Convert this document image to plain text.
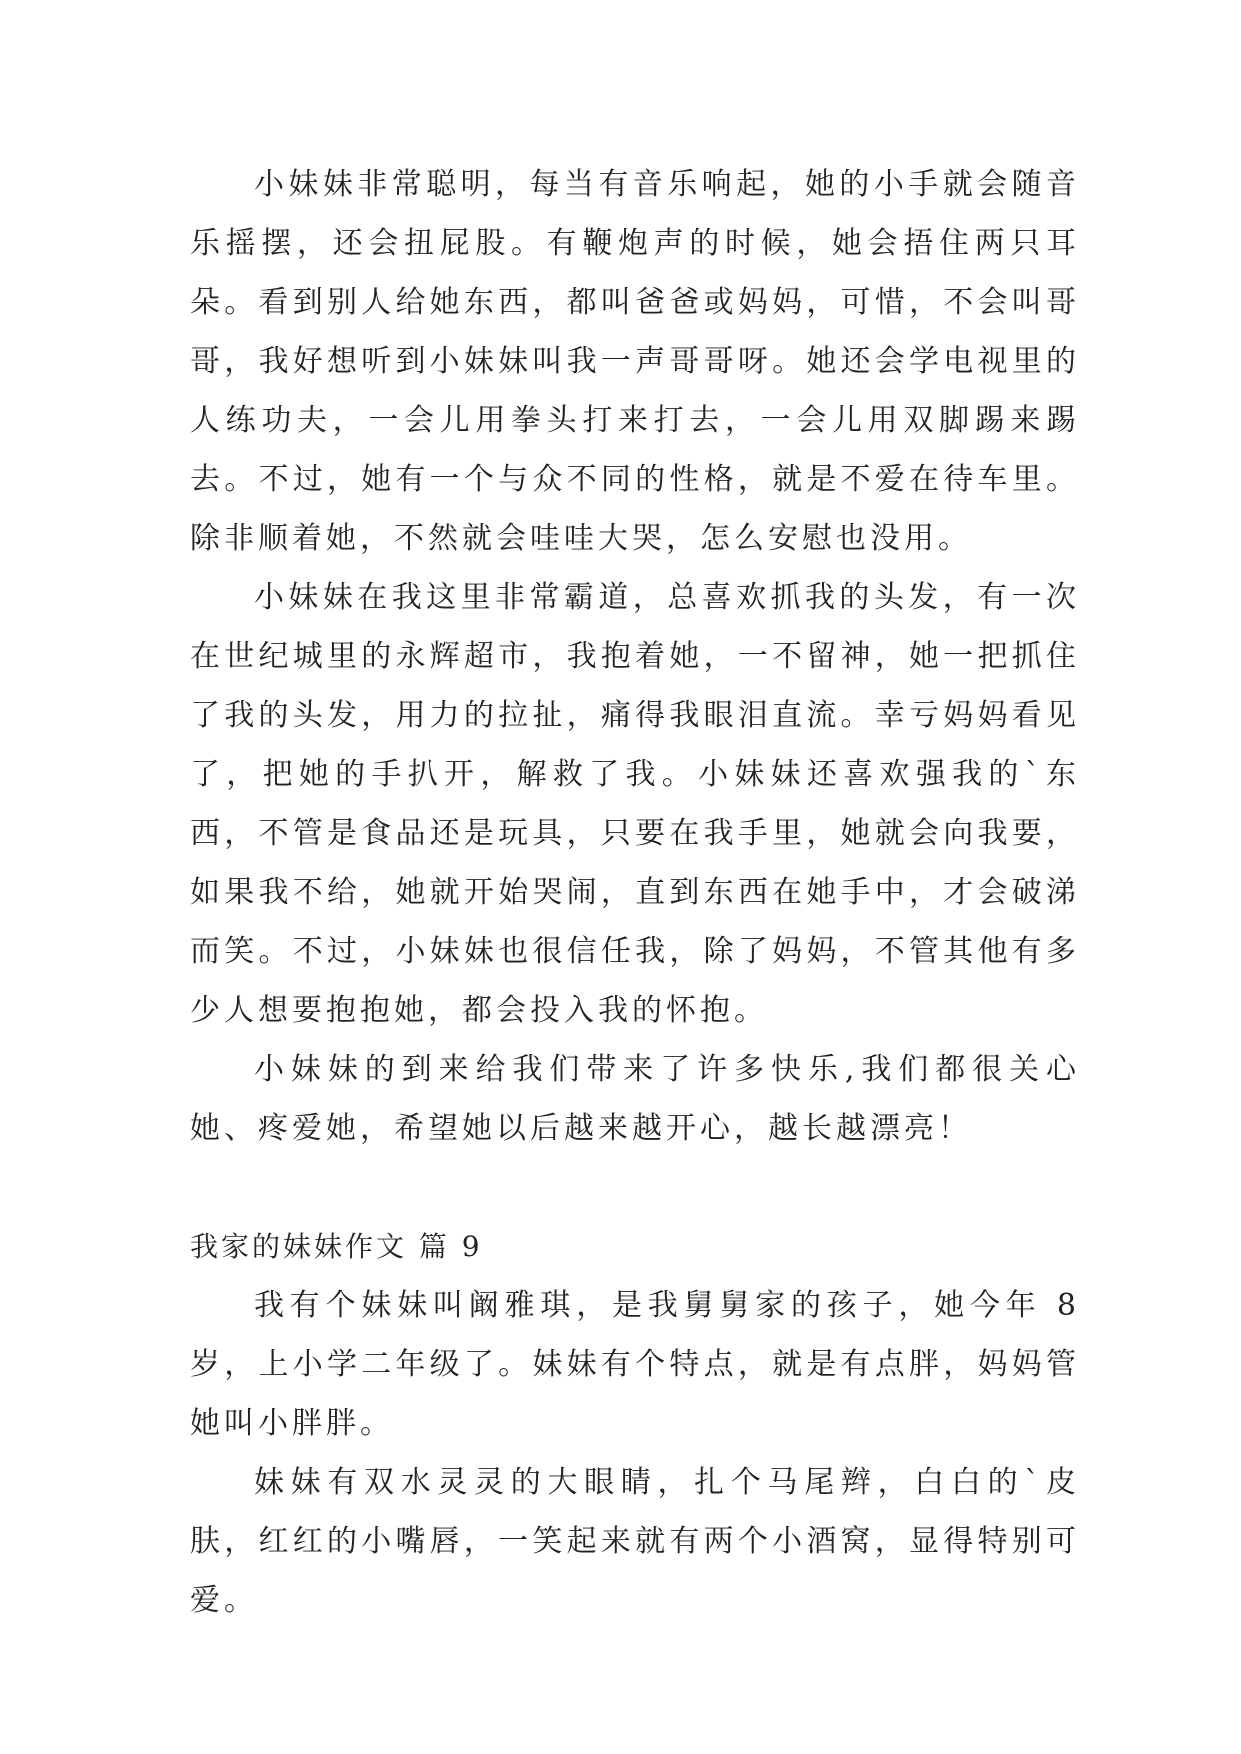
小妹妹非常聪明，每当有音乐响起，她的小手就会随音乐摇摆，还会扭屁股。有鞭炮声的时候，她会捂住两只耳朵。看到别人给她东西，都叫爸爸或妈妈，可惜，不会叫哥哥，我好想听到小妹妹叫我一声哥哥呀。她还会学电视里的人练功夫，一会儿用拳头打来打去，一会儿用双脚踢来踢去。不过，她有一个与众不同的性格，就是不爱在待车里。除非顺着她，不然就会哇哇大哭，怎么安慰也没用。

小妹妹在我这里非常霸道，总喜欢抓我的头发，有一次在世纪城里的永辉超市，我抱着她，一不留神，她一把抓住了我的头发，用力的拉扯，痛得我眼泪直流。幸亏妈妈看见了，把她的手扒开，解救了我。小妹妹还喜欢强我的`东西，不管是食品还是玩具，只要在我手里，她就会向我要，如果我不给，她就开始哭闹，直到东西在她手中，才会破涕而笑。不过，小妹妹也很信任我，除了妈妈，不管其他有多少人想要抱抱她，都会投入我的怀抱。

小妹妹的到来给我们带来了许多快乐,我们都很关心她、疼爱她，希望她以后越来越开心，越长越漂亮！

我家的妹妹作文 篇 9

我有个妹妹叫阚雅琪，是我舅舅家的孩子，她今年 8 岁，上小学二年级了。妹妹有个特点，就是有点胖，妈妈管她叫小胖胖。

妹妹有双水灵灵的大眼睛，扎个马尾辫，白白的`皮肤，红红的小嘴唇，一笑起来就有两个小酒窝，显得特别可爱。
